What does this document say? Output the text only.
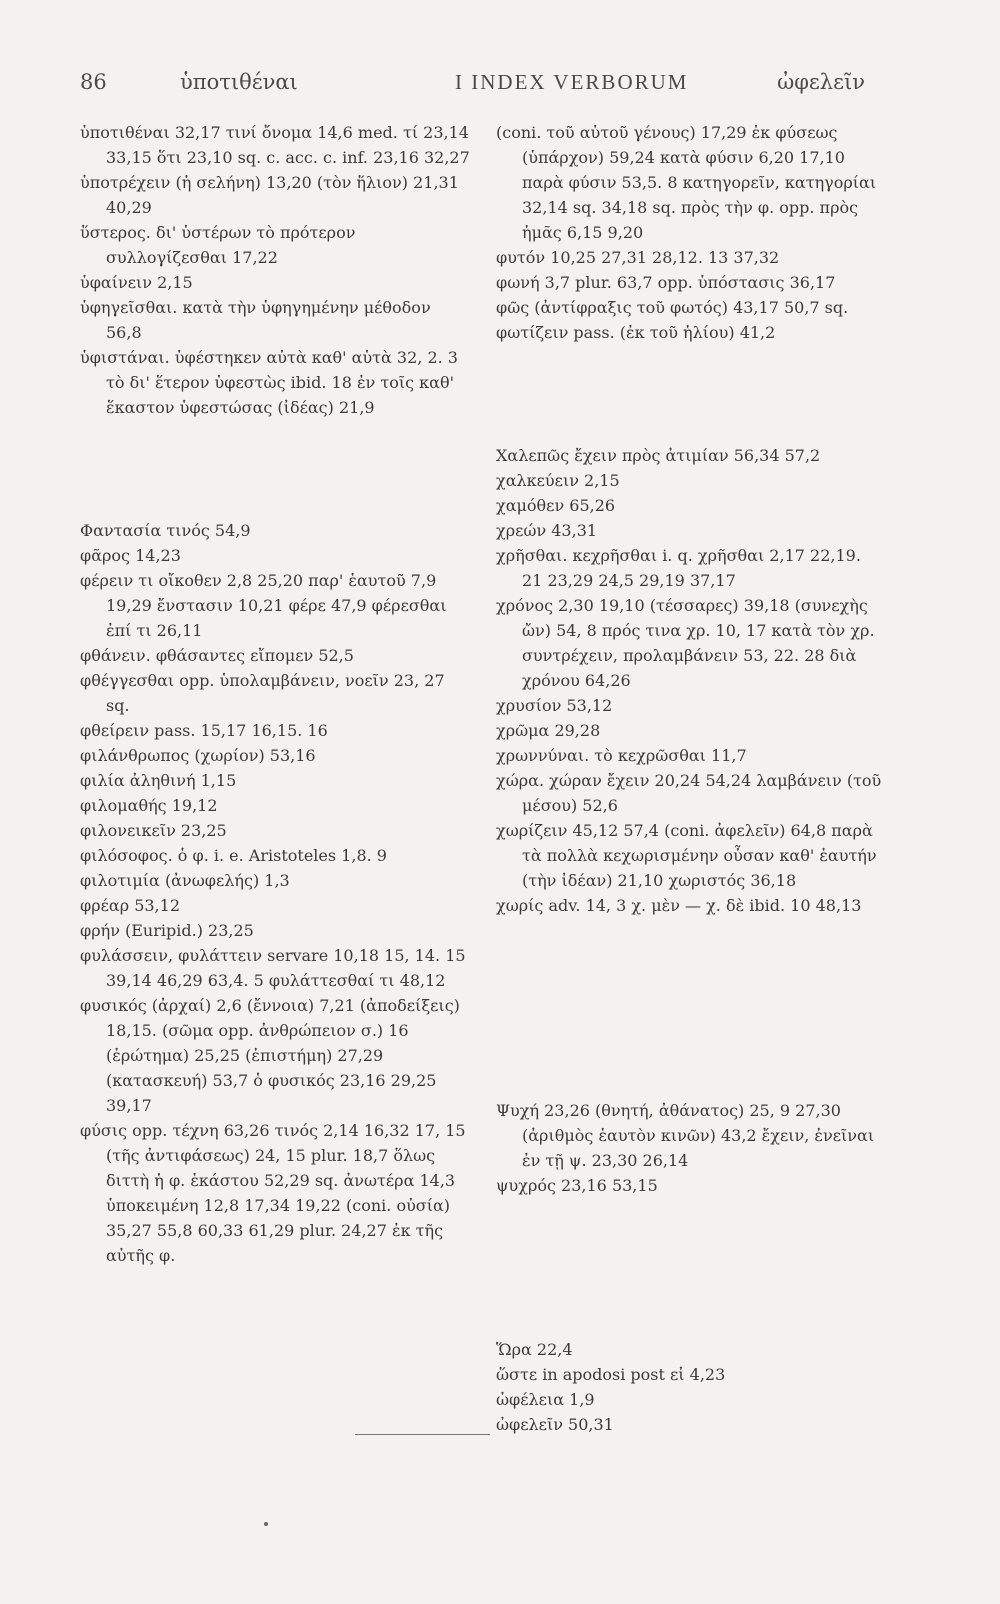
86	ὑποτιθέναι	I INDEX VERBORUM	ὠφελεῖν

ὑποτιθέναι 32,17 τινί ὄνομα 14,6 med. τί 23,14 33,15 ὅτι 23,10 sq. c. acc. c. inf. 23,16 32,27

ὑποτρέχειν (ἡ σελήνη) 13,20 (τὸν ἥλιον) 21,31 40,29

ὕστερος. δι' ὑστέρων τὸ πρότερον συλλογίζεσθαι 17,22

ὑφαίνειν 2,15

ὑφηγεῖσθαι. κατὰ τὴν ὑφηγημένην μέθοδον 56,8

ὑφιστάναι. ὑφέστηκεν αὐτὰ καθ' αὑτὰ 32, 2. 3 τὸ δι' ἕτερον ὑφεστὼς ibid. 18 ἐν τοῖς καθ' ἕκαστον ὑφεστώσας (ἰδέας) 21,9

Φαντασία τινός 54,9

φᾶρος 14,23

φέρειν τι οἴκοθεν 2,8 25,20 παρ' ἑαυτοῦ 7,9 19,29 ἔνστασιν 10,21 φέρε 47,9 φέρεσθαι ἐπί τι 26,11

φθάνειν. φθάσαντες εἴπομεν 52,5

φθέγγεσθαι opp. ὑπολαμβάνειν, νοεῖν 23, 27 sq.

φθείρειν pass. 15,17 16,15. 16

φιλάνθρωπος (χωρίον) 53,16

φιλία ἀληθινή 1,15

φιλομαθής 19,12

φιλονεικεῖν 23,25

φιλόσοφος. ὁ φ. i. e. Aristoteles 1,8. 9

φιλοτιμία (ἀνωφελής) 1,3

φρέαρ 53,12

φρήν (Euripid.) 23,25

φυλάσσειν, φυλάττειν servare 10,18 15, 14. 15 39,14 46,29 63,4. 5 φυλάττεσθαί τι 48,12

φυσικός (ἀρχαί) 2,6 (ἔννοια) 7,21 (ἀποδείξεις) 18,15. (σῶμα opp. ἀνθρώπειον σ.) 16 (ἐρώτημα) 25,25 (ἐπιστήμη) 27,29 (κατασκευή) 53,7 ὁ φυσικός 23,16 29,25 39,17

φύσις opp. τέχνη 63,26 τινός 2,14 16,32 17, 15 (τῆς ἀντιφάσεως) 24, 15 plur. 18,7 ὅλως διττὴ ἡ φ. ἑκάστου 52,29 sq. ἀνωτέρα 14,3 ὑποκειμένη 12,8 17,34 19,22 (coni. οὐσία) 35,27 55,8 60,33 61,29 plur. 24,27 ἐκ τῆς αὐτῆς φ.

(coni. τοῦ αὐτοῦ γένους) 17,29 ἐκ φύσεως (ὑπάρχον) 59,24 κατὰ φύσιν 6,20 17,10 παρὰ φύσιν 53,5. 8 κατηγορεῖν, κατηγορίαι 32,14 sq. 34,18 sq. πρὸς τὴν φ. opp. πρὸς ἡμᾶς 6,15 9,20

φυτόν 10,25 27,31 28,12. 13 37,32

φωνή 3,7 plur. 63,7 opp. ὑπόστασις 36,17

φῶς (ἀντίφραξις τοῦ φωτός) 43,17 50,7 sq.

φωτίζειν pass. (ἐκ τοῦ ἡλίου) 41,2

Χαλεπῶς ἔχειν πρὸς ἀτιμίαν 56,34 57,2

χαλκεύειν 2,15

χαμόθεν 65,26

χρεών 43,31

χρῆσθαι. κεχρῆσθαι i. q. χρῆσθαι 2,17 22,19. 21 23,29 24,5 29,19 37,17

χρόνος 2,30 19,10 (τέσσαρες) 39,18 (συνεχὴς ὤν) 54, 8 πρός τινα χρ. 10, 17 κατὰ τὸν χρ. συντρέχειν, προλαμβάνειν 53, 22. 28 διὰ χρόνου 64,26

χρυσίον 53,12

χρῶμα 29,28

χρωννύναι. τὸ κεχρῶσθαι 11,7

χώρα. χώραν ἔχειν 20,24 54,24 λαμβάνειν (τοῦ μέσου) 52,6

χωρίζειν 45,12 57,4 (coni. ἀφελεῖν) 64,8 παρὰ τὰ πολλὰ κεχωρισμένην οὖσαν καθ' ἑαυτήν (τὴν ἰδέαν) 21,10 χωριστός 36,18

χωρίς adv. 14, 3 χ. μὲν — χ. δὲ ibid. 10 48,13

Ψυχή 23,26 (θνητή, ἀθάνατος) 25, 9 27,30 (ἀριθμὸς ἑαυτὸν κινῶν) 43,2 ἔχειν, ἐνεῖναι ἐν τῇ ψ. 23,30 26,14

ψυχρός 23,16 53,15

Ὥρα 22,4

ὥστε in apodosi post εἰ 4,23

ὠφέλεια 1,9

ὠφελεῖν 50,31
